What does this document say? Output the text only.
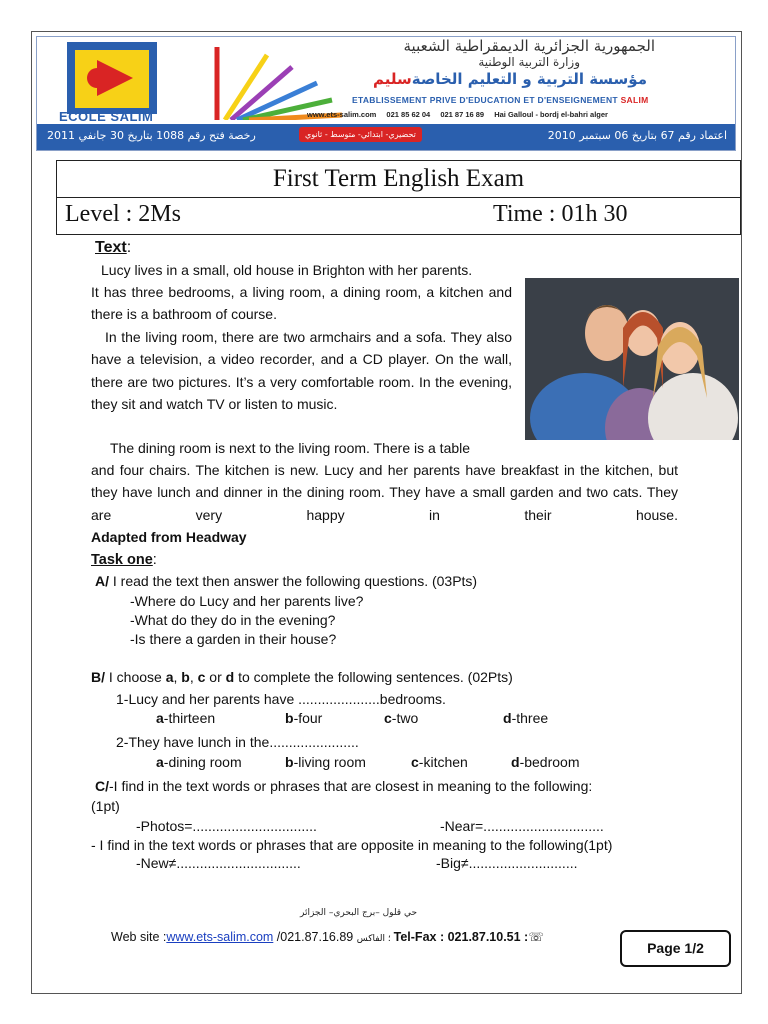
ECOLE SALIM
الجمهورية الجزائرية الديمقراطية الشعبية
وزارة التربية الوطنية
مؤسسة التربية و التعليم الخاصةسليم
ETABLISSEMENT PRIVE D'EDUCATION ET D'ENSEIGNEMENT SALIM
www.ets-salim.com 021 85 62 04 021 87 16 89 Hai Galloul - bordj el-bahri alger
رخصة فتح رقم 1088 بتاريخ 30 جانفي 2011	تحضيري- ابتدائي- متوسط - ثانوي	اعتماد رقم 67 بتاريخ 06 سبتمبر 2010
First Term English Exam
Level : 2Ms	Time : 01h 30
Text:
Lucy lives in a small, old house in Brighton with her parents.
It has three bedrooms, a living room, a dining room, a kitchen and there is a bathroom of course.
In the living room, there are two armchairs and a sofa. They also have a television, a video recorder, and a CD player. On the wall, there are two pictures. It’s a very comfortable room. In the evening, they sit and watch TV or listen to music.
The dining room is next to the living room. There is a table
and four chairs. The kitchen is new. Lucy and her parents have breakfast in the kitchen, but they have lunch and dinner in the dining room. They have a small garden and two cats. They are very happy in their house.
Adapted from Headway
Task one:
A/ I read the text then answer the following questions. (03Pts)
-Where do Lucy and her parents live?
-What do they do in the evening?
-Is there a garden in their house?
B/ I choose a, b, c or d to complete the following sentences. (02Pts)
1-Lucy and her parents have .....................bedrooms.
a-thirteen	b-four	c-two	d-three
2-They have lunch in the.......................
a-dining room	b-living room	c-kitchen	d-bedroom
C/-I find in the text words or phrases that are closest in meaning to the following:
(1pt)
-Photos=................................	-Near=...............................
- I find in the text words or phrases that are opposite in meaning to the following(1pt)
-New≠................................	-Big≠............................
حي قلول –برج البحري– الجزائر
Web site :www.ets-salim.com /021.87.16.89 ؛ الفاكس Tel-Fax : 021.87.10.51 :☏
Page 1/2
